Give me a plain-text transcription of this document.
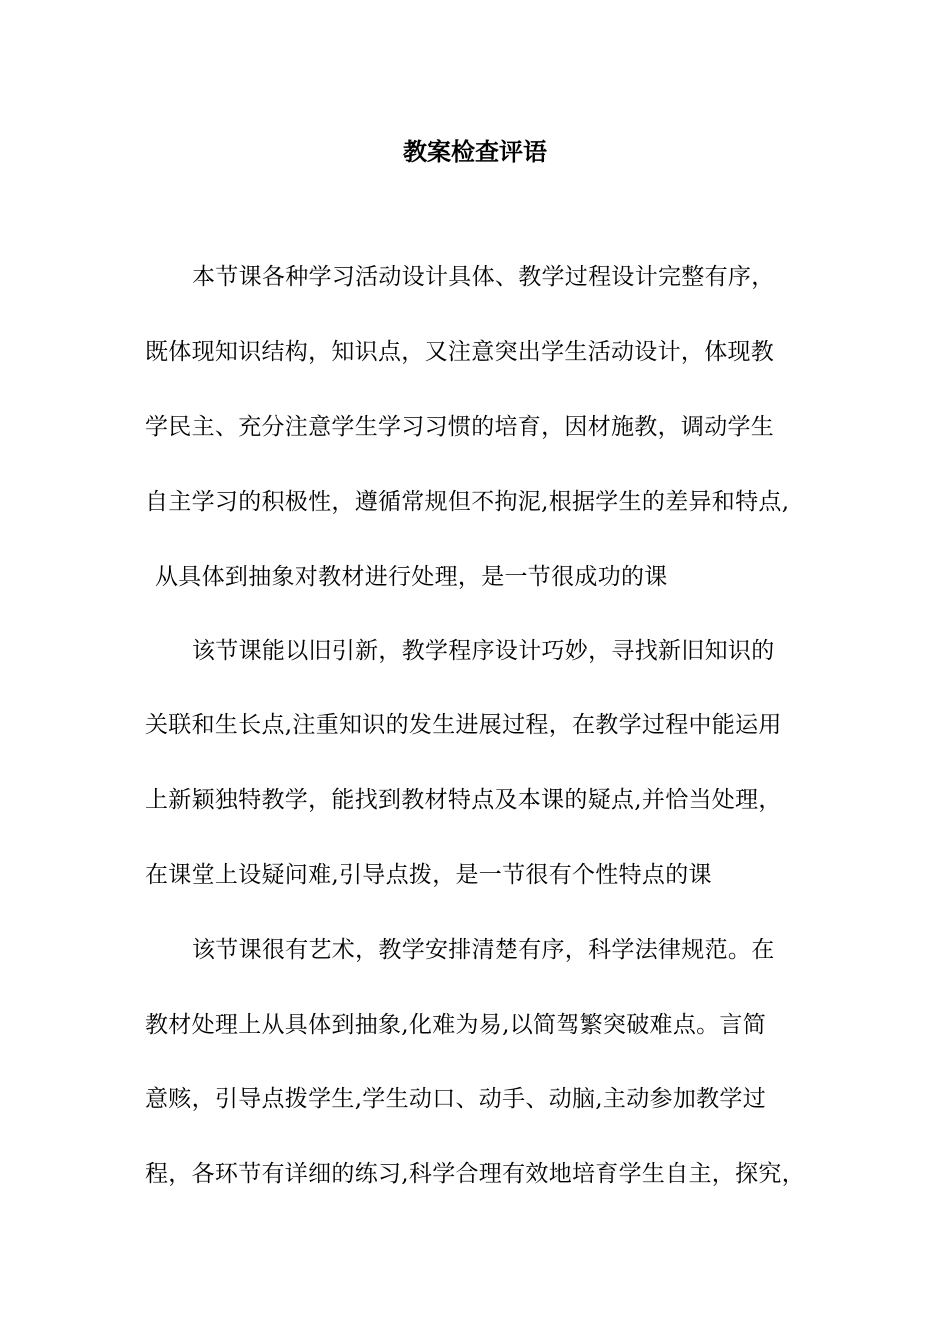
教案检查评语
本节课各种学习活动设计具体、教学过程设计完整有序，
既体现知识结构，知识点，又注意突出学生活动设计，体现教
学民主、充分注意学生学习习惯的培育，因材施教，调动学生
自主学习的积极性，遵循常规但不拘泥,根据学生的差异和特点,
从具体到抽象对教材进行处理，是一节很成功的课
该节课能以旧引新，教学程序设计巧妙，寻找新旧知识的
关联和生长点,注重知识的发生进展过程，在教学过程中能运用
上新颖独特教学，能找到教材特点及本课的疑点,并恰当处理，
在课堂上设疑问难,引导点拨，是一节很有个性特点的课
该节课很有艺术，教学安排清楚有序，科学法律规范。在
教材处理上从具体到抽象,化难为易,以简驾繁突破难点。言简
意赅，引导点拨学生,学生动口、动手、动脑,主动参加教学过
程，各环节有详细的练习,科学合理有效地培育学生自主，探究，
